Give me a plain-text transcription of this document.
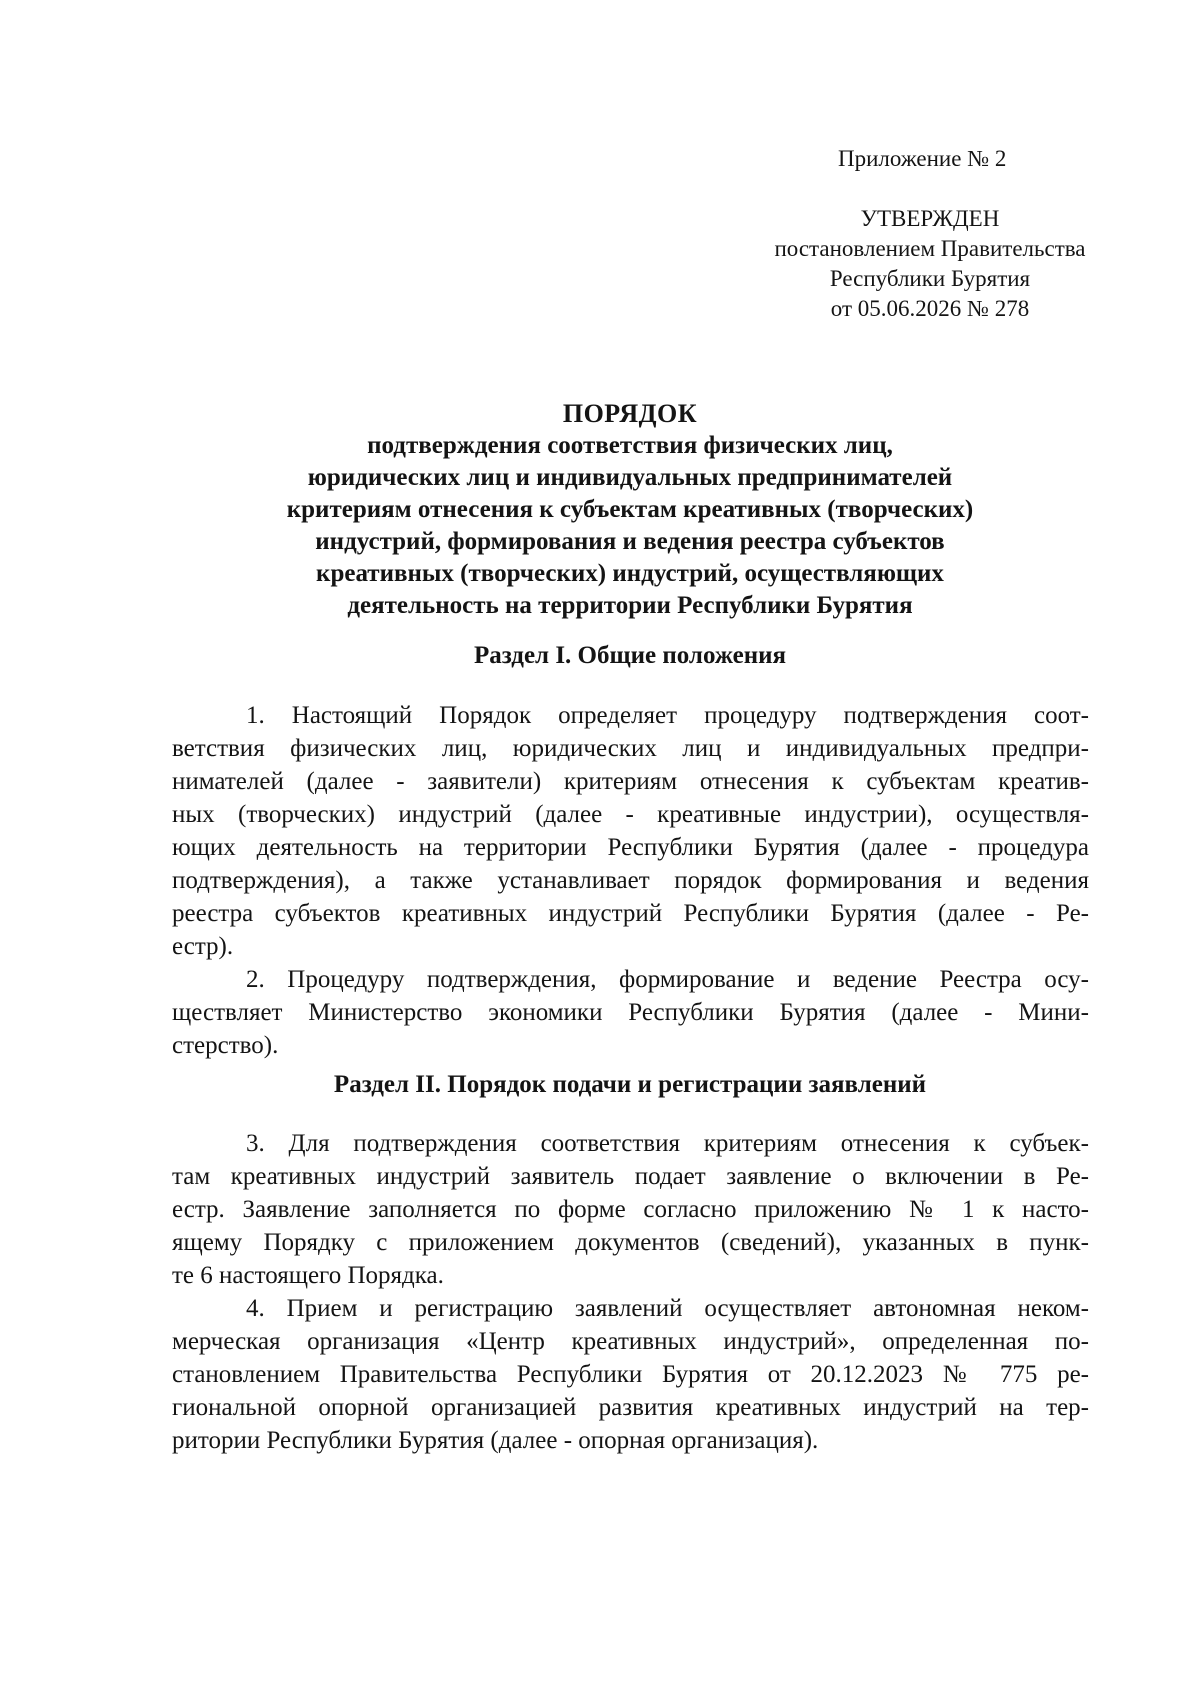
Приложение № 2
УТВЕРЖДЕН
постановлением Правительства
Республики Бурятия
от 05.06.2026 № 278
ПОРЯДОК
подтверждения соответствия физических лиц,
юридических лиц и индивидуальных предпринимателей
критериям отнесения к субъектам креативных (творческих)
индустрий, формирования и ведения реестра субъектов
креативных (творческих) индустрий, осуществляющих
деятельность на территории Республики Бурятия
Раздел I. Общие положения
1. Настоящий Порядок определяет процедуру подтверждения соот-
ветствия физических лиц, юридических лиц и индивидуальных предпри-
нимателей (далее - заявители) критериям отнесения к субъектам креатив-
ных (творческих) индустрий (далее - креативные индустрии), осуществля-
ющих деятельность на территории Республики Бурятия (далее - процедура
подтверждения), а также устанавливает порядок формирования и ведения
реестра субъектов креативных индустрий Республики Бурятия (далее - Ре-
естр).
2. Процедуру подтверждения, формирование и ведение Реестра осу-
ществляет Министерство экономики Республики Бурятия (далее - Мини-
стерство).
Раздел II. Порядок подачи и регистрации заявлений
3. Для подтверждения соответствия критериям отнесения к субъек-
там креативных индустрий заявитель подает заявление о включении в Ре-
естр. Заявление заполняется по форме согласно приложению № 1 к насто-
ящему Порядку с приложением документов (сведений), указанных в пунк-
те 6 настоящего Порядка.
4. Прием и регистрацию заявлений осуществляет автономная неком-
мерческая организация «Центр креативных индустрий», определенная по-
становлением Правительства Республики Бурятия от 20.12.2023 № 775 ре-
гиональной опорной организацией развития креативных индустрий на тер-
ритории Республики Бурятия (далее - опорная организация).
